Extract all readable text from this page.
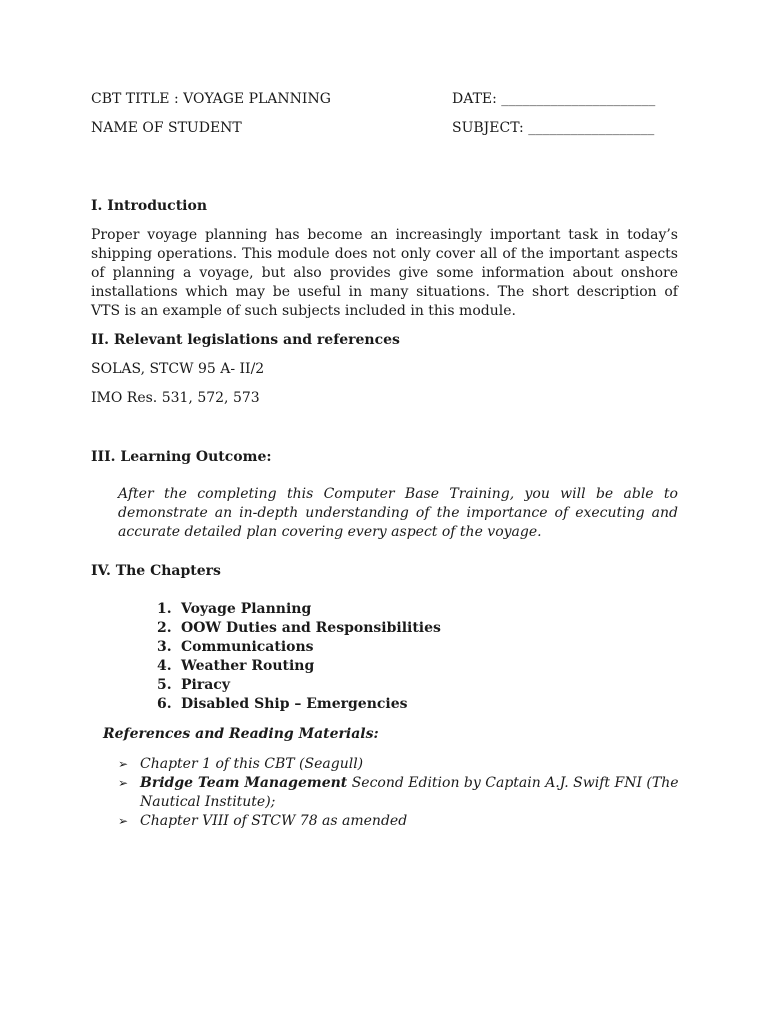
CBT TITLE : VOYAGE PLANNING	DATE: ______________________

NAME OF STUDENT	SUBJECT: __________________

I. Introduction

Proper voyage planning has become an increasingly important task in today’s
shipping operations. This module does not only cover all of the important aspects
of planning a voyage, but also provides give some information about onshore
installations which may be useful in many situations. The short description of
VTS is an example of such subjects included in this module.

II. Relevant legislations and references

SOLAS, STCW 95 A- II/2

IMO Res. 531, 572, 573

III. Learning Outcome:

After the completing this Computer Base Training, you will be able to
demonstrate an in-depth understanding of the importance of executing and
accurate detailed plan covering every aspect of the voyage.

IV. The Chapters

1. Voyage Planning
2. OOW Duties and Responsibilities
3. Communications
4. Weather Routing
5. Piracy
6. Disabled Ship – Emergencies

References and Reading Materials:

➢ Chapter 1 of this CBT (Seagull)
➢ Bridge Team Management Second Edition by Captain A.J. Swift FNI (The Nautical Institute);
➢ Chapter VIII of STCW 78 as amended
